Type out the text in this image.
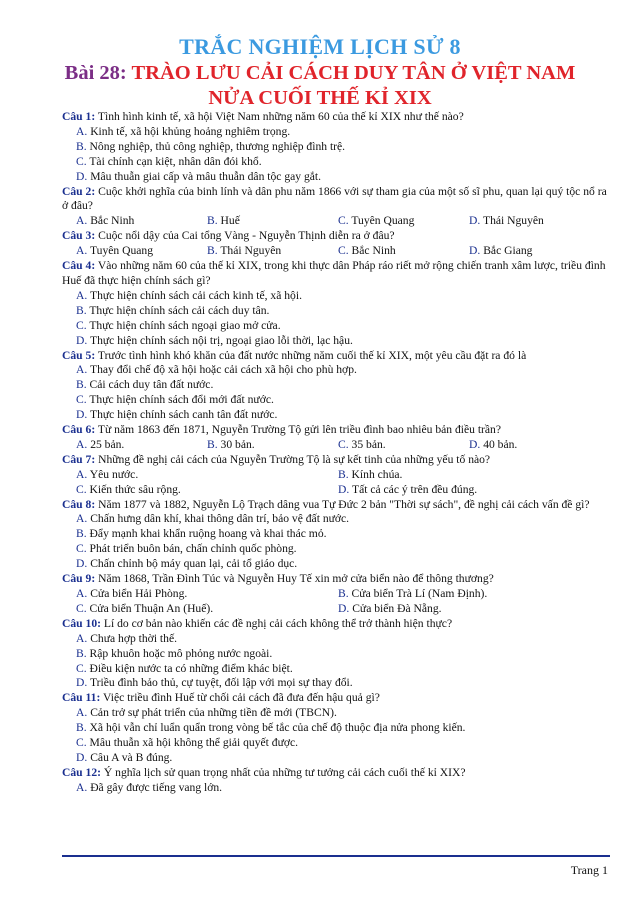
TRẮC NGHIỆM LỊCH SỬ 8
Bài 28: TRÀO LƯU CẢI CÁCH DUY TÂN Ở VIỆT NAM
NỬA CUỐI THẾ KỈ XIX

Câu 1: Tình hình kinh tế, xã hội Việt Nam những năm 60 của thế kỉ XIX như thế nào?

A. Kinh tế, xã hội khủng hoảng nghiêm trọng.
B. Nông nghiệp, thủ công nghiệp, thương nghiệp đình trệ.
C. Tài chính cạn kiệt, nhân dân đói khổ.
D. Mâu thuẫn giai cấp và mâu thuẫn dân tộc gay gắt.

Câu 2: Cuộc khởi nghĩa của binh lính và dân phu năm 1866 với sự tham gia của một số sĩ phu, quan lại quý tộc nổ ra ở đâu?

A. Bắc Ninh	B. Huế	C. Tuyên Quang	D. Thái Nguyên

Câu 3: Cuộc nổi dậy của Cai tổng Vàng - Nguyễn Thịnh diễn ra ở đâu?

A. Tuyên Quang	B. Thái Nguyên	C. Bắc Ninh	D. Bắc Giang

Câu 4: Vào những năm 60 của thế kỉ XIX, trong khi thực dân Pháp ráo riết mở rộng chiến tranh xâm lược, triều đình Huế đã thực hiện chính sách gì?

A. Thực hiện chính sách cải cách kinh tế, xã hội.
B. Thực hiện chính sách cải cách duy tân.
C. Thực hiện chính sách ngoại giao mở cửa.
D. Thực hiện chính sách nội trị, ngoại giao lỗi thời, lạc hậu.

Câu 5: Trước tình hình khó khăn của đất nước những năm cuối thế kỉ XIX, một yêu cầu đặt ra đó là

A. Thay đổi chế độ xã hội hoặc cải cách xã hội cho phù hợp.
B. Cải cách duy tân đất nước.
C. Thực hiện chính sách đổi mới đất nước.
D. Thực hiện chính sách canh tân đất nước.

Câu 6: Từ năm 1863 đến 1871, Nguyễn Trường Tộ gửi lên triều đình bao nhiêu bản điều trần?

A. 25 bản.	B. 30 bản.	C. 35 bản.	D. 40 bản.

Câu 7: Những đề nghị cải cách của Nguyễn Trường Tộ là sự kết tinh của những yếu tố nào?

A. Yêu nước.	B. Kính chúa.
C. Kiến thức sâu rộng.	D. Tất cả các ý trên đều đúng.

Câu 8: Năm 1877 và 1882, Nguyễn Lộ Trạch dâng vua Tự Đức 2 bản "Thời sự sách", đề nghị cải cách vấn đề gì?

A. Chấn hưng dân khí, khai thông dân trí, bảo vệ đất nước.
B. Đẩy mạnh khai khẩn ruộng hoang và khai thác mỏ.
C. Phát triển buôn bán, chấn chỉnh quốc phòng.
D. Chấn chỉnh bộ máy quan lại, cải tổ giáo dục.

Câu 9: Năm 1868, Trần Đình Túc và Nguyễn Huy Tế xin mở cửa biển nào để thông thương?

A. Cửa biển Hải Phòng.	B. Cửa biển Trà Lí (Nam Định).
C. Cửa biển Thuận An (Huế).	D. Cửa biển Đà Nẵng.

Câu 10: Lí do cơ bản nào khiến các đề nghị cải cách không thể trở thành hiện thực?

A. Chưa hợp thời thế.
B. Rập khuôn hoặc mô phỏng nước ngoài.
C. Điều kiện nước ta có những điểm khác biệt.
D. Triều đình bảo thủ, cự tuyệt, đối lập với mọi sự thay đổi.

Câu 11: Việc triều đình Huế từ chối cải cách đã đưa đến hậu quả gì?

A. Cản trở sự phát triển của những tiền đề mới (TBCN).
B. Xã hội vẫn chỉ luẩn quẩn trong vòng bế tắc của chế độ thuộc địa nửa phong kiến.
C. Mâu thuẫn xã hội không thể giải quyết được.
D. Câu A và B đúng.

Câu 12: Ý nghĩa lịch sử quan trọng nhất của những tư tưởng cải cách cuối thế kỉ XIX?

A. Đã gây được tiếng vang lớn.
Trang 1
